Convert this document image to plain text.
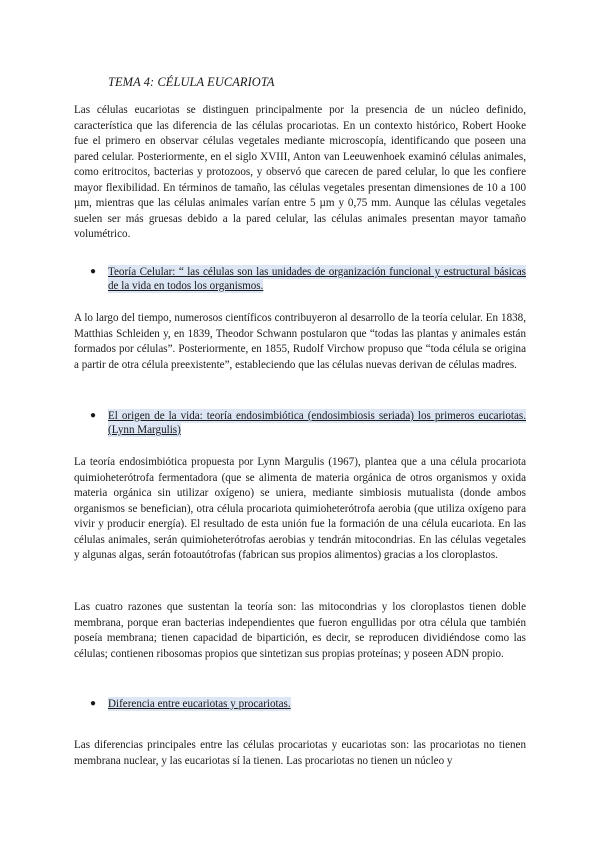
TEMA 4: CÉLULA EUCARIOTA

Las células eucariotas se distinguen principalmente por la presencia de un núcleo definido, característica que las diferencia de las células procariotas. En un contexto histórico, Robert Hooke fue el primero en observar células vegetales mediante microscopía, identificando que poseen una pared celular. Posteriormente, en el siglo XVIII, Anton van Leeuwenhoek examinó células animales, como eritrocitos, bacterias y protozoos, y observó que carecen de pared celular, lo que les confiere mayor flexibilidad. En términos de tamaño, las células vegetales presentan dimensiones de 10 a 100 µm, mientras que las células animales varían entre 5 µm y 0,75 mm. Aunque las células vegetales suelen ser más gruesas debido a la pared celular, las células animales presentan mayor tamaño volumétrico.

●	Teoría Celular: “ las células son las unidades de organización funcional y estructural básicas de la vida en todos los organismos.

A lo largo del tiempo, numerosos científicos contribuyeron al desarrollo de la teoría celular. En 1838, Matthias Schleiden y, en 1839, Theodor Schwann postularon que “todas las plantas y animales están formados por células”. Posteriormente, en 1855, Rudolf Virchow propuso que “toda célula se origina a partir de otra célula preexistente”, estableciendo que las células nuevas derivan de células madres.

●	El origen de la vida: teoría endosimbiótica (endosimbiosis seriada) los primeros eucariotas. (Lynn Margulis)

La teoría endosimbiótica propuesta por Lynn Margulis (1967), plantea que a una célula procariota quimioheterótrofa fermentadora (que se alimenta de materia orgánica de otros organismos y oxida materia orgánica sin utilizar oxígeno) se uniera, mediante simbiosis mutualista (donde ambos organismos se benefician), otra célula procariota quimioheterótrofa aerobia (que utiliza oxígeno para vivir y producir energía). El resultado de esta unión fue la formación de una célula eucariota. En las células animales, serán quimioheterótrofas aerobias y tendrán mitocondrias. En las células vegetales y algunas algas, serán fotoautótrofas (fabrican sus propios alimentos) gracias a los cloroplastos.

Las cuatro razones que sustentan la teoría son: las mitocondrias y los cloroplastos tienen doble membrana, porque eran bacterias independientes que fueron engullidas por otra célula que también poseía membrana; tienen capacidad de bipartición, es decir, se reproducen dividiéndose como las células; contienen ribosomas propios que sintetizan sus propias proteínas; y poseen ADN propio.

●	Diferencia entre eucariotas y procariotas.

Las diferencias principales entre las células procariotas y eucariotas son: las procariotas no tienen membrana nuclear, y las eucariotas sí la tienen. Las procariotas no tienen un núcleo y
